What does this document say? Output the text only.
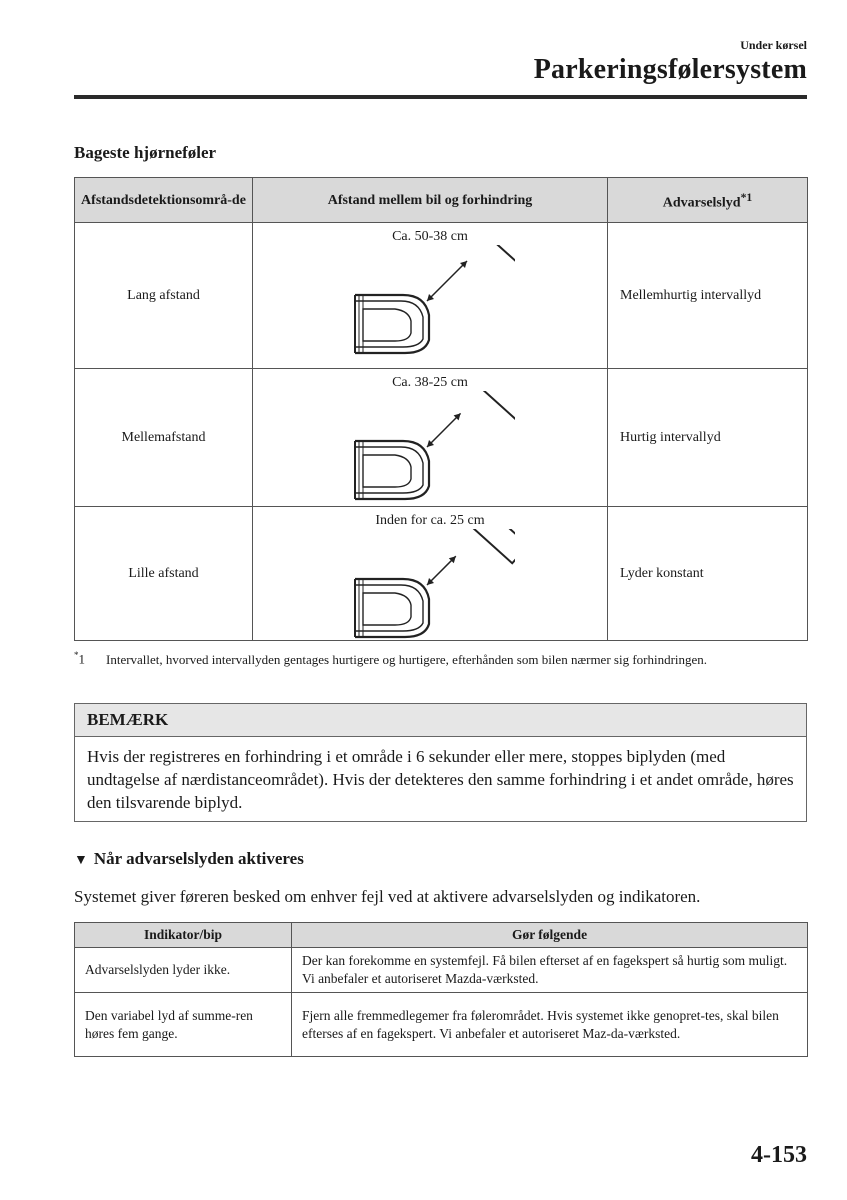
Under kørsel
Parkeringsfølersystem
Bageste hjørneføler
Afstandsdetektionsområ-de	Afstand mellem bil og forhindring	Advarselslyd$^{*1}$
Lang afstand	Ca. 50-38 cm	Mellemhurtig intervallyd
Mellemafstand	Ca. 38-25 cm	Hurtig intervallyd
Lille afstand	Inden for ca. 25 cm	Lyder konstant
*1 Intervallet, hvorved intervallyden gentages hurtigere og hurtigere, efterhånden som bilen nærmer sig forhindringen.
BEMÆRK
Hvis der registreres en forhindring i et område i 6 sekunder eller mere, stoppes biplyden (med undtagelse af nærdistanceområdet). Hvis der detekteres den samme forhindring i et andet område, høres den tilsvarende biplyd.
▼ Når advarselslyden aktiveres
Systemet giver føreren besked om enhver fejl ved at aktivere advarselslyden og indikatoren.
Indikator/bip	Gør følgende
Advarselslyden lyder ikke.	Der kan forekomme en systemfejl. Få bilen efterset af en fagekspert så hurtig som muligt. Vi anbefaler et autoriseret Mazda-værksted.
Den variabel lyd af summe-ren høres fem gange.	Fjern alle fremmedlegemer fra følerområdet. Hvis systemet ikke genopret-tes, skal bilen efterses af en fagekspert. Vi anbefaler et autoriseret Maz-da-værksted.
4-153
